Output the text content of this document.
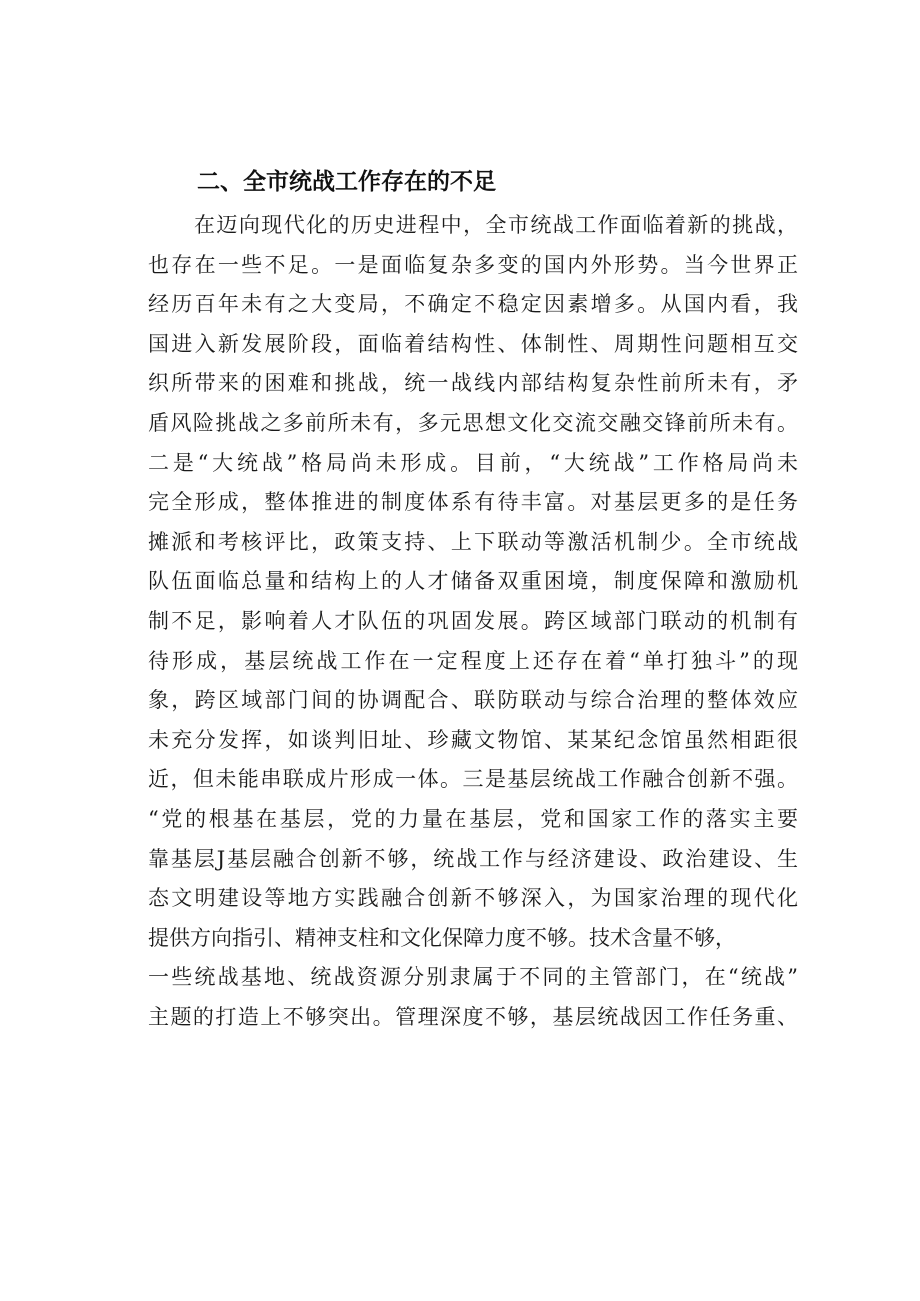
二、全市统战工作存在的不足
在迈向现代化的历史进程中，全市统战工作面临着新的挑战，
也存在一些不足。一是面临复杂多变的国内外形势。当今世界正
经历百年未有之大变局，不确定不稳定因素增多。从国内看，我
国进入新发展阶段，面临着结构性、体制性、周期性问题相互交
织所带来的困难和挑战，统一战线内部结构复杂性前所未有，矛
盾风险挑战之多前所未有，多元思想文化交流交融交锋前所未有。
二是“大统战”格局尚未形成。目前，“大统战”工作格局尚未
完全形成，整体推进的制度体系有待丰富。对基层更多的是任务
摊派和考核评比，政策支持、上下联动等激活机制少。全市统战
队伍面临总量和结构上的人才储备双重困境，制度保障和激励机
制不足，影响着人才队伍的巩固发展。跨区域部门联动的机制有
待形成，基层统战工作在一定程度上还存在着“单打独斗”的现
象，跨区域部门间的协调配合、联防联动与综合治理的整体效应
未充分发挥，如谈判旧址、珍藏文物馆、某某纪念馆虽然相距很
近，但未能串联成片形成一体。三是基层统战工作融合创新不强。
“党的根基在基层，党的力量在基层，党和国家工作的落实主要
靠基层J基层融合创新不够，统战工作与经济建设、政治建设、生
态文明建设等地方实践融合创新不够深入，为国家治理的现代化
提供方向指引、精神支柱和文化保障力度不够。技术含量不够，
一些统战基地、统战资源分别隶属于不同的主管部门，在“统战”
主题的打造上不够突出。管理深度不够，基层统战因工作任务重、
